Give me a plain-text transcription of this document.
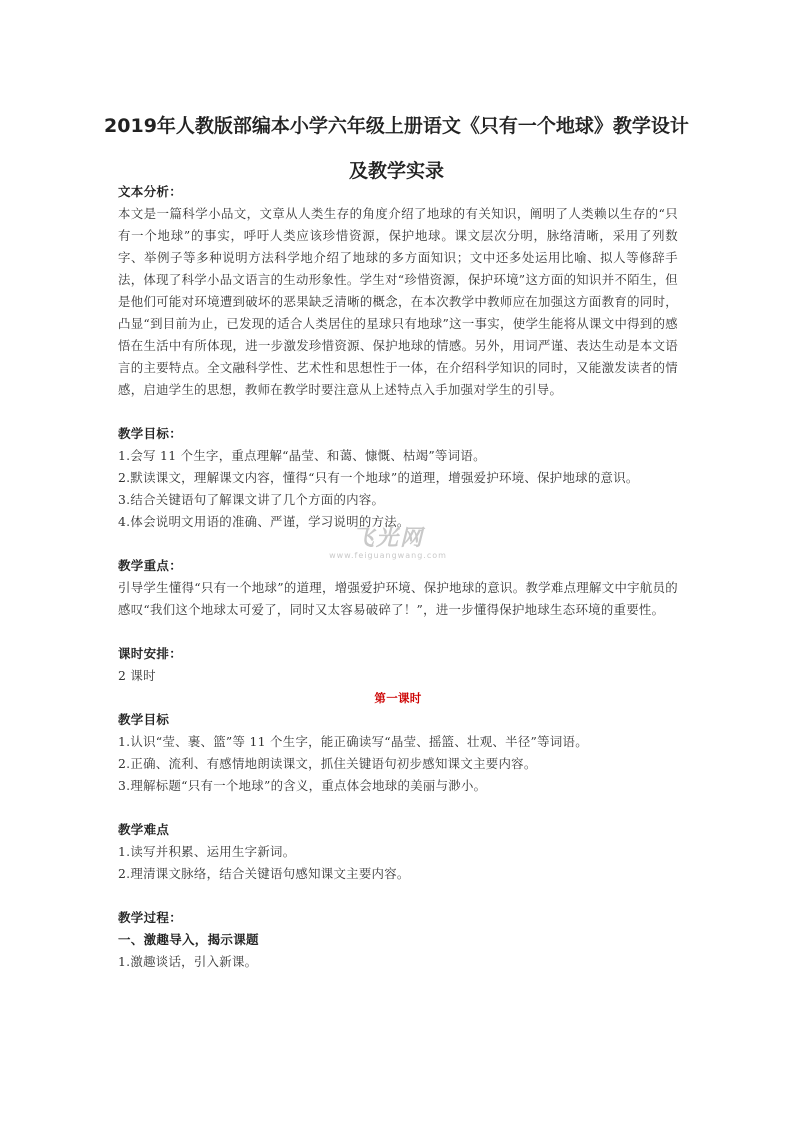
2019年人教版部编本小学六年级上册语文《只有一个地球》教学设计及教学实录

文本分析：

本文是一篇科学小品文，文章从人类生存的角度介绍了地球的有关知识，阐明了人类赖以生存的“只有一个地球”的事实，呼吁人类应该珍惜资源，保护地球。课文层次分明，脉络清晰，采用了列数字、举例子等多种说明方法科学地介绍了地球的多方面知识；文中还多处运用比喻、拟人等修辞手法，体现了科学小品文语言的生动形象性。学生对“珍惜资源，保护环境”这方面的知识并不陌生，但是他们可能对环境遭到破坏的恶果缺乏清晰的概念，在本次教学中教师应在加强这方面教育的同时，凸显“到目前为止，已发现的适合人类居住的星球只有地球”这一事实，使学生能将从课文中得到的感悟在生活中有所体现，进一步激发珍惜资源、保护地球的情感。另外，用词严谨、表达生动是本文语言的主要特点。全文融科学性、艺术性和思想性于一体，在介绍科学知识的同时，又能激发读者的情感，启迪学生的思想，教师在教学时要注意从上述特点入手加强对学生的引导。

教学目标：

1.会写 11 个生字，重点理解“晶莹、和蔼、慷慨、枯竭”等词语。

2.默读课文，理解课文内容，懂得“只有一个地球”的道理，增强爱护环境、保护地球的意识。

3.结合关键语句了解课文讲了几个方面的内容。

4.体会说明文用语的准确、严谨，学习说明的方法。

教学重点：

引导学生懂得“只有一个地球”的道理，增强爱护环境、保护地球的意识。教学难点理解文中宇航员的感叹“我们这个地球太可爱了，同时又太容易破碎了！”，进一步懂得保护地球生态环境的重要性。

课时安排：

2 课时

第一课时

教学目标

1.认识“莹、裹、篮”等 11 个生字，能正确读写“晶莹、摇篮、壮观、半径”等词语。

2.正确、流利、有感情地朗读课文，抓住关键语句初步感知课文主要内容。

3.理解标题“只有一个地球”的含义，重点体会地球的美丽与渺小。

教学难点

1.读写并积累、运用生字新词。

2.理清课文脉络，结合关键语句感知课文主要内容。

教学过程：

一、激趣导入，揭示课题

1.激趣谈话，引入新课。

飞光网
www.feiguangwang.com
